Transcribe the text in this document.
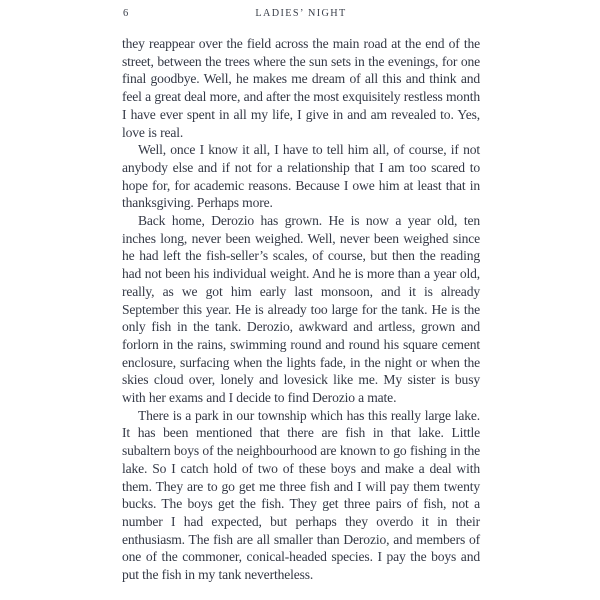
6	LADIES’ NIGHT

they reappear over the field across the main road at the end of the street, between the trees where the sun sets in the evenings, for one final goodbye. Well, he makes me dream of all this and think and feel a great deal more, and after the most exquisitely restless month I have ever spent in all my life, I give in and am revealed to. Yes, love is real.

Well, once I know it all, I have to tell him all, of course, if not anybody else and if not for a relationship that I am too scared to hope for, for academic reasons. Because I owe him at least that in thanksgiving. Perhaps more.

Back home, Derozio has grown. He is now a year old, ten inches long, never been weighed. Well, never been weighed since he had left the fish-seller’s scales, of course, but then the reading had not been his individual weight. And he is more than a year old, really, as we got him early last monsoon, and it is already September this year. He is already too large for the tank. He is the only fish in the tank. Derozio, awkward and artless, grown and forlorn in the rains, swimming round and round his square cement enclosure, surfacing when the lights fade, in the night or when the skies cloud over, lonely and lovesick like me. My sister is busy with her exams and I decide to find Derozio a mate.

There is a park in our township which has this really large lake. It has been mentioned that there are fish in that lake. Little subaltern boys of the neighbourhood are known to go fishing in the lake. So I catch hold of two of these boys and make a deal with them. They are to go get me three fish and I will pay them twenty bucks. The boys get the fish. They get three pairs of fish, not a number I had expected, but perhaps they overdo it in their enthusiasm. The fish are all smaller than Derozio, and members of one of the commoner, conical-headed species. I pay the boys and put the fish in my tank nevertheless.
